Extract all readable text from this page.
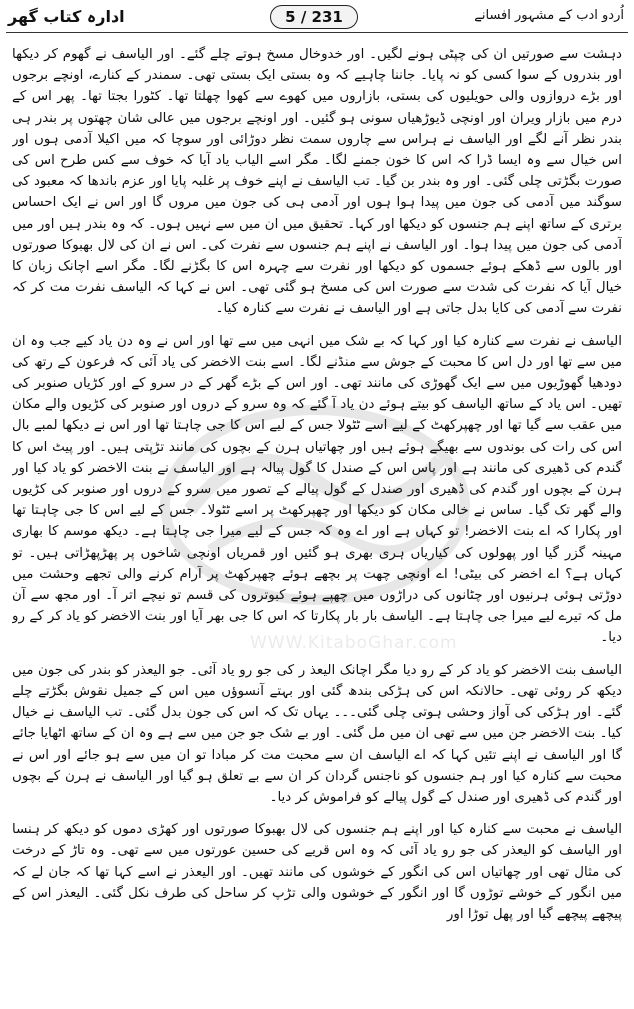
ادارہ کتاب گھر	5 / 231	اُردو ادب کے مشہور افسانے
WWW.KitaboGhar.com

دہشت سے صورتیں ان کی چپٹی ہونے لگیں۔ اور خدوخال مسخ ہوتے چلے گئے۔ اور الیاسف نے گھوم کر دیکھا اور بندروں کے سوا کسی کو نہ پایا۔ جاننا چاہیے کہ وہ بستی ایک بستی تھی۔ سمندر کے کنارے، اونچے برجوں اور بڑے دروازوں والی حویلیوں کی بستی، بازاروں میں کھوے سے کھوا چھلتا تھا۔ کٹورا بجتا تھا۔ پھر اس کے درم میں بازار ویران اور اونچی ڈیوڑھیاں سونی ہو گئیں۔ اور اونچے برجوں میں عالی شان چھتوں پر بندر ہی بندر نظر آنے لگے اور الیاسف نے ہراس سے چاروں سمت نظر دوڑائی اور سوچا کہ میں اکیلا آدمی ہوں اور اس خیال سے وہ ایسا ڈرا کہ اس کا خون جمنے لگا۔ مگر اسے الیاب یاد آیا کہ خوف سے کس طرح اس کی صورت بگڑتی چلی گئی۔ اور وہ بندر بن گیا۔ تب الیاسف نے اپنے خوف پر غلبہ پایا اور عزم باندھا کہ معبود کی سوگند میں آدمی کی جون میں پیدا ہوا ہوں اور آدمی ہی کی جون میں مروں گا اور اس نے ایک احساس برتری کے ساتھ اپنے ہم جنسوں کو دیکھا اور کہا۔ تحقیق میں ان میں سے نہیں ہوں۔ کہ وہ بندر ہیں اور میں آدمی کی جون میں پیدا ہوا۔ اور الیاسف نے اپنے ہم جنسوں سے نفرت کی۔ اس نے ان کی لال بھبوکا صورتوں اور بالوں سے ڈھکے ہوئے جسموں کو دیکھا اور نفرت سے چہرہ اس کا بگڑنے لگا۔ مگر اسے اچانک زبان کا خیال آیا کہ نفرت کی شدت سے صورت اس کی مسخ ہو گئی تھی۔ اس نے کہا کہ الیاسف نفرت مت کر کہ نفرت سے آدمی کی کایا بدل جاتی ہے اور الیاسف نے نفرت سے کنارہ کیا۔

الیاسف نے نفرت سے کنارہ کیا اور کہا کہ بے شک میں انہی میں سے تھا اور اس نے وہ دن یاد کیے جب وہ ان میں سے تھا اور دل اس کا محبت کے جوش سے منڈنے لگا۔ اسے بنت الاخضر کی یاد آئی کہ فرعون کے رتھ کی دودھیا گھوڑیوں میں سے ایک گھوڑی کی مانند تھی۔ اور اس کے بڑے گھر کے در سرو کے اور کڑیاں صنوبر کی تھیں۔ اس یاد کے ساتھ الیاسف کو بیتے ہوئے دن یاد آ گئے کہ وہ سرو کے دروں اور صنوبر کی کڑیوں والے مکان میں عقب سے گیا تھا اور چھپرکھٹ کے لیے اسے ٹٹولا جس کے لیے اس کا جی چاہتا تھا اور اس نے دیکھا لمبے بال اس کی رات کی بوندوں سے بھیگے ہوئے ہیں اور چھاتیاں ہرن کے بچوں کی مانند تڑپتی ہیں۔ اور پیٹ اس کا گندم کی ڈھیری کی مانند ہے اور پاس اس کے صندل کا گول پیالہ ہے اور الیاسف نے بنت الاخضر کو یاد کیا اور ہرن کے بچوں اور گندم کی ڈھیری اور صندل کے گول پیالے کے تصور میں سرو کے دروں اور صنوبر کی کڑیوں والے گھر تک گیا۔ ساس نے خالی مکان کو دیکھا اور چھپرکھٹ پر اسے ٹٹولا۔ جس کے لیے اس کا جی چاہتا تھا اور پکارا کہ اے بنت الاخضر! تو کہاں ہے اور اے وہ کہ جس کے لیے میرا جی چاہتا ہے۔ دیکھ موسم کا بھاری مہینہ گزر گیا اور پھولوں کی کیاریاں ہری بھری ہو گئیں اور قمریاں اونچی شاخوں پر پھڑپھڑاتی ہیں۔ تو کہاں ہے؟ اے اخضر کی بیٹی! اے اونچی چھت پر بچھے ہوئے چھپرکھٹ پر آرام کرنے والی تجھے وحشت میں دوڑتی ہوئی ہرنیوں اور چٹانوں کی دراڑوں میں چھپے ہوئے کبوتروں کی قسم تو نیچے اتر آ۔ اور مجھ سے آن مل کہ تیرے لیے میرا جی چاہتا ہے۔ الیاسف بار بار پکارتا کہ اس کا جی بھر آیا اور بنت الاخضر کو یاد کر کے رو دیا۔

الیاسف بنت الاخضر کو یاد کر کے رو دیا مگر اچانک الیعذ ر کی جو رو یاد آئی۔ جو الیعذر کو بندر کی جون میں دیکھ کر روئی تھی۔ حالانکہ اس کی ہڑکی بندھ گئی اور بہتے آنسوؤں میں اس کے جمیل نقوش بگڑتے چلے گئے۔ اور ہڑکی کی آواز وحشی ہوتی چلی گئی۔۔۔ یہاں تک کہ اس کی جون بدل گئی۔ تب الیاسف نے خیال کیا۔ بنت الاخضر جن میں سے تھی ان میں مل گئی۔ اور بے شک جو جن میں سے ہے وہ ان کے ساتھ اٹھایا جائے گا اور الیاسف نے اپنے تئیں کہا کہ اے الیاسف ان سے محبت مت کر مبادا تو ان میں سے ہو جائے اور اس نے محبت سے کنارہ کیا اور ہم جنسوں کو ناجنس گردان کر ان سے بے تعلق ہو گیا اور الیاسف نے ہرن کے بچوں اور گندم کی ڈھیری اور صندل کے گول پیالے کو فراموش کر دیا۔

الیاسف نے محبت سے کنارہ کیا اور اپنے ہم جنسوں کی لال بھبوکا صورتوں اور کھڑی دموں کو دیکھ کر ہنسا اور الیاسف کو الیعذر کی جو رو یاد آئی کہ وہ اس قریے کی حسین عورتوں میں سے تھی۔ وہ تاڑ کے درخت کی مثال تھی اور چھاتیاں اس کی انگور کے خوشوں کی مانند تھیں۔ اور الیعذر نے اسے کہا تھا کہ جان لے کہ میں انگور کے خوشے توڑوں گا اور انگور کے خوشوں والی تڑپ کر ساحل کی طرف نکل گئی۔ الیعذر اس کے پیچھے پیچھے گیا اور پھل توڑا اور
